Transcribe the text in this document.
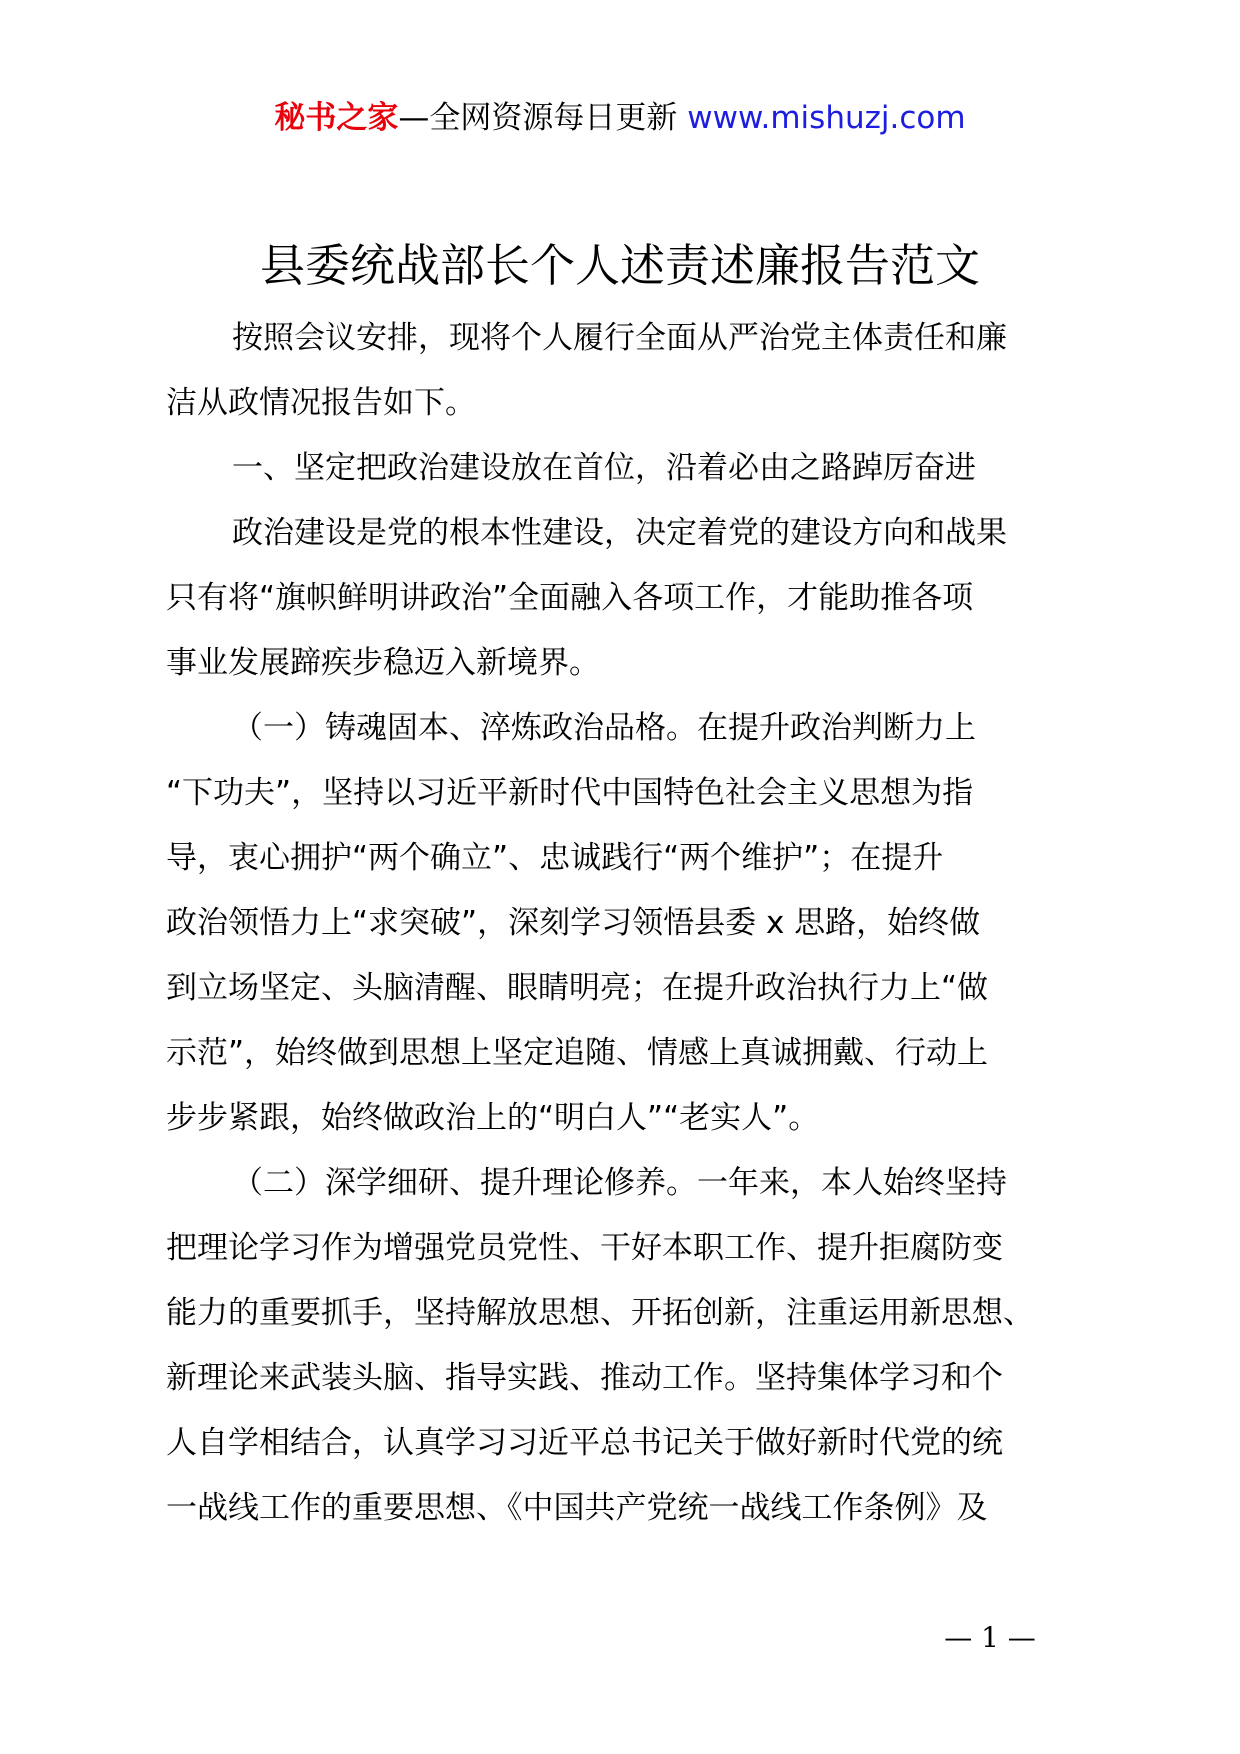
秘书之家—全网资源每日更新 www.mishuzj.com
县委统战部长个人述责述廉报告范文
按照会议安排，现将个人履行全面从严治党主体责任和廉
洁从政情况报告如下。
一、坚定把政治建设放在首位，沿着必由之路踔厉奋进
政治建设是党的根本性建设，决定着党的建设方向和战果
只有将“旗帜鲜明讲政治”全面融入各项工作，才能助推各项
事业发展蹄疾步稳迈入新境界。
（一）铸魂固本、淬炼政治品格。在提升政治判断力上
“下功夫”，坚持以习近平新时代中国特色社会主义思想为指
导，衷心拥护“两个确立”、忠诚践行“两个维护”；在提升
政治领悟力上“求突破”，深刻学习领悟县委 x 思路，始终做
到立场坚定、头脑清醒、眼睛明亮；在提升政治执行力上“做
示范”，始终做到思想上坚定追随、情感上真诚拥戴、行动上
步步紧跟，始终做政治上的“明白人”“老实人”。
（二）深学细研、提升理论修养。一年来，本人始终坚持
把理论学习作为增强党员党性、干好本职工作、提升拒腐防变
能力的重要抓手，坚持解放思想、开拓创新，注重运用新思想、
新理论来武装头脑、指导实践、推动工作。坚持集体学习和个
人自学相结合，认真学习习近平总书记关于做好新时代党的统
一战线工作的重要思想、《中国共产党统一战线工作条例》及
— 1 —
